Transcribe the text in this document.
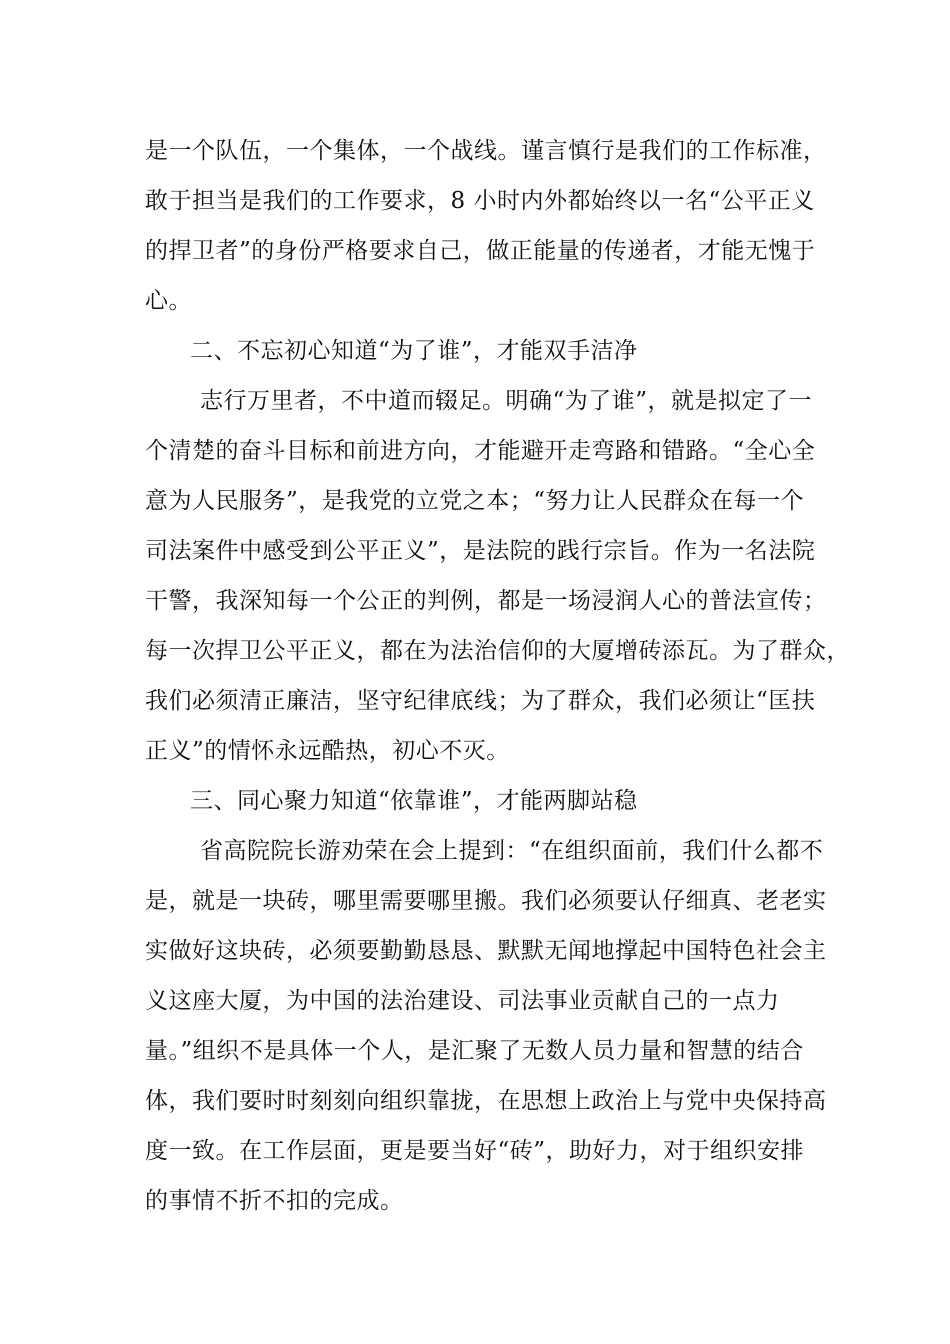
是一个队伍，一个集体，一个战线。谨言慎行是我们的工作标准，
敢于担当是我们的工作要求，8 小时内外都始终以一名“公平正义
的捍卫者”的身份严格要求自己，做正能量的传递者，才能无愧于
心。
二、不忘初心知道“为了谁”，才能双手洁净
志行万里者，不中道而辍足。明确“为了谁”，就是拟定了一
个清楚的奋斗目标和前进方向，才能避开走弯路和错路。“全心全
意为人民服务”，是我党的立党之本；“努力让人民群众在每一个
司法案件中感受到公平正义”，是法院的践行宗旨。作为一名法院
干警，我深知每一个公正的判例，都是一场浸润人心的普法宣传；
每一次捍卫公平正义，都在为法治信仰的大厦增砖添瓦。为了群众，
我们必须清正廉洁，坚守纪律底线；为了群众，我们必须让“匡扶
正义”的情怀永远酷热，初心不灭。
三、同心聚力知道“依靠谁”，才能两脚站稳
省高院院长游劝荣在会上提到：“在组织面前，我们什么都不
是，就是一块砖，哪里需要哪里搬。我们必须要认仔细真、老老实
实做好这块砖，必须要勤勤恳恳、默默无闻地撑起中国特色社会主
义这座大厦，为中国的法治建设、司法事业贡献自己的一点力
量。”组织不是具体一个人，是汇聚了无数人员力量和智慧的结合
体，我们要时时刻刻向组织靠拢，在思想上政治上与党中央保持高
度一致。在工作层面，更是要当好“砖”，助好力，对于组织安排
的事情不折不扣的完成。
